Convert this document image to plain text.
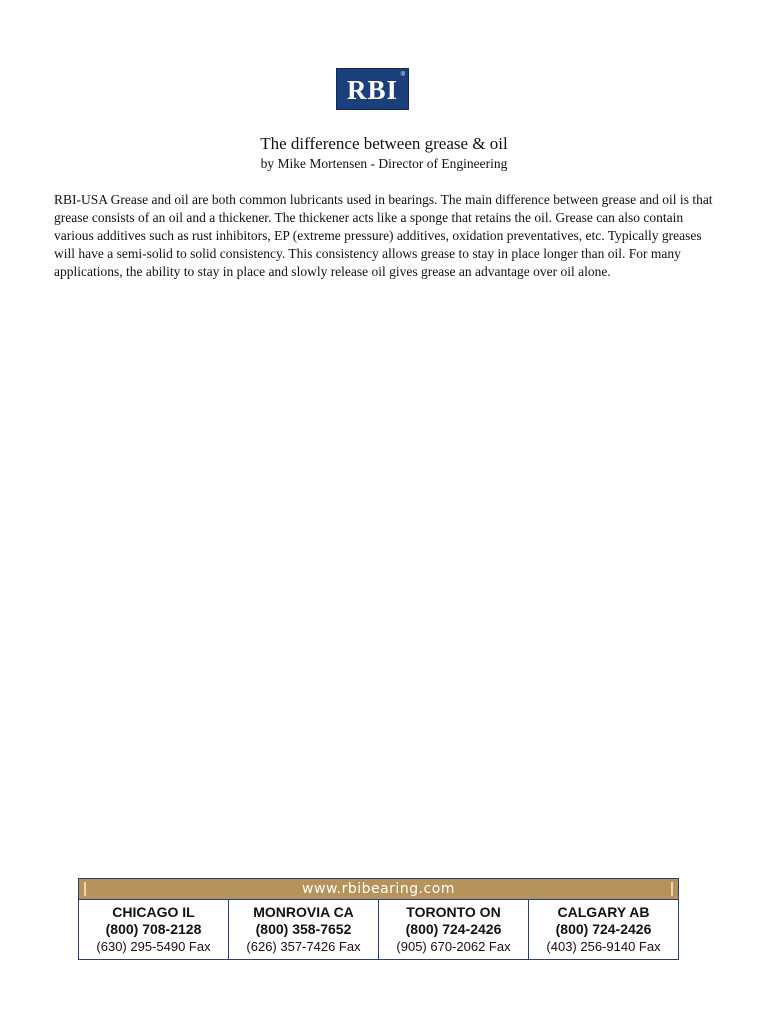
RBI ®
The difference between grease & oil
by Mike Mortensen - Director of Engineering

RBI-USA Grease and oil are both common lubricants used in bearings. The main difference between grease and oil is that grease consists of an oil and a thickener. The thickener acts like a sponge that retains the oil. Grease can also contain various additives such as rust inhibitors, EP (extreme pressure) additives, oxidation preventatives, etc. Typically greases will have a semi-solid to solid consistency. This consistency allows grease to stay in place longer than oil. For many applications, the ability to stay in place and slowly release oil gives grease an advantage over oil alone.

www.rbibearing.com
CHICAGO IL
(800) 708-2128
(630) 295-5490 Fax
MONROVIA CA
(800) 358-7652
(626) 357-7426 Fax
TORONTO ON
(800) 724-2426
(905) 670-2062 Fax
CALGARY AB
(800) 724-2426
(403) 256-9140 Fax
